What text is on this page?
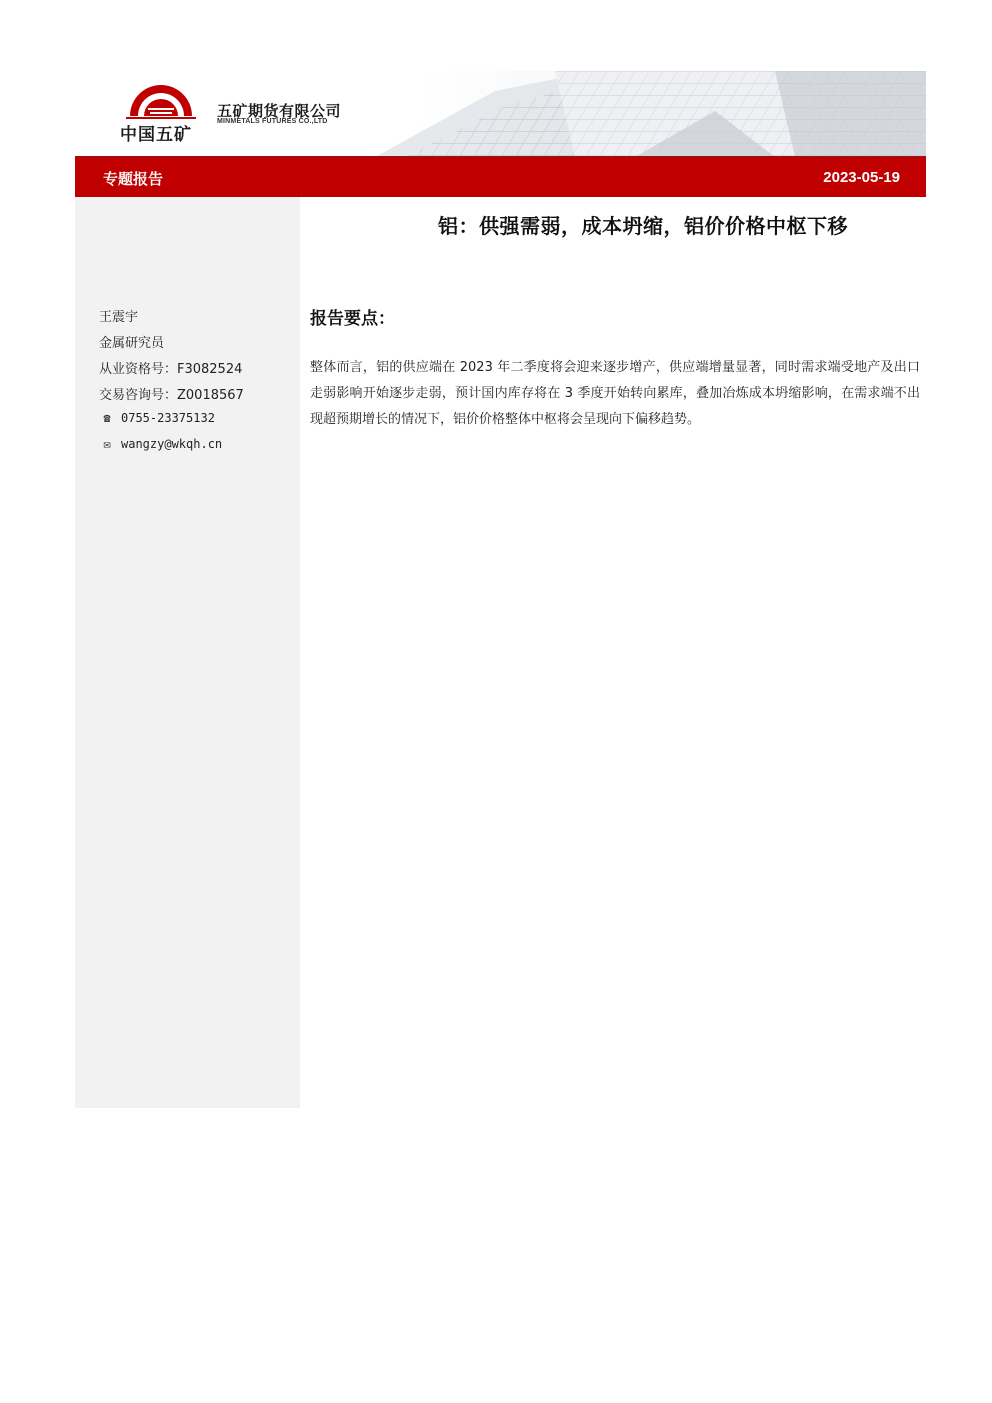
中国五矿
五矿期货有限公司
MINMETALS FUTURES CO.,LTD
专题报告	2023-05-19
王震宇
金属研究员
从业资格号：F3082524
交易咨询号：Z0018567
☎ 0755-23375132
✉ wangzy@wkqh.cn
铝：供强需弱，成本坍缩，铝价价格中枢下移
报告要点：
整体而言，铝的供应端在 2023 年二季度将会迎来逐步增产，供应端增量显著，同时需求端受地产及出口走弱影响开始逐步走弱，预计国内库存将在 3 季度开始转向累库，叠加冶炼成本坍缩影响，在需求端不出现超预期增长的情况下，铝价价格整体中枢将会呈现向下偏移趋势。
